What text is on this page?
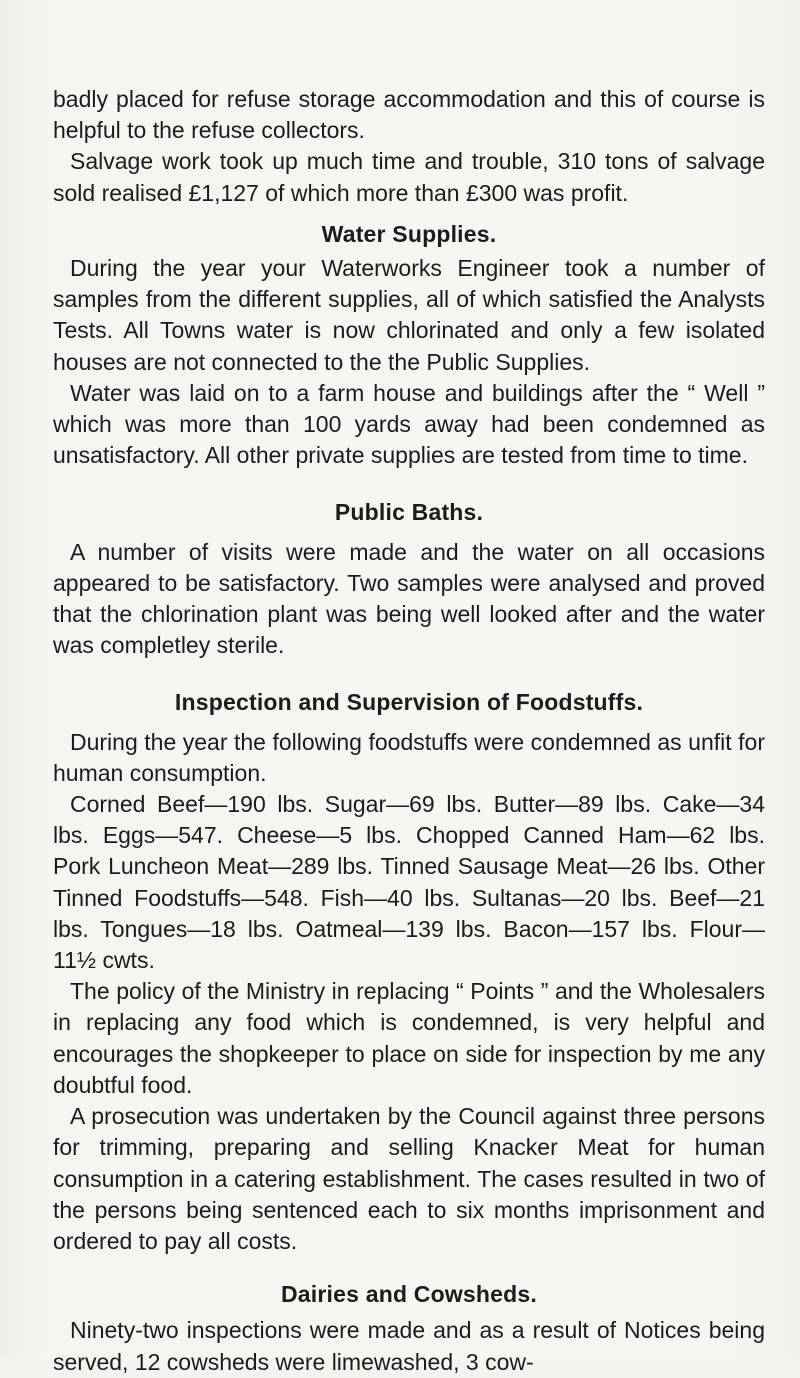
badly placed for refuse storage accommodation and this of course is helpful to the refuse collectors.

Salvage work took up much time and trouble, 310 tons of salvage sold realised £1,127 of which more than £300 was profit.

Water Supplies.

During the year your Waterworks Engineer took a number of samples from the different supplies, all of which satisfied the Analysts Tests. All Towns water is now chlorinated and only a few isolated houses are not connected to the the Public Supplies.

Water was laid on to a farm house and buildings after the “ Well ” which was more than 100 yards away had been condemned as unsatisfactory. All other private supplies are tested from time to time.

Public Baths.

A number of visits were made and the water on all occasions appeared to be satisfactory. Two samples were analysed and proved that the chlorination plant was being well looked after and the water was completley sterile.

Inspection and Supervision of Foodstuffs.

During the year the following foodstuffs were condemned as unfit for human consumption.

Corned Beef—190 lbs. Sugar—69 lbs. Butter—89 lbs. Cake—34 lbs. Eggs—547. Cheese—5 lbs. Chopped Canned Ham—62 lbs. Pork Luncheon Meat—289 lbs. Tinned Sausage Meat—26 lbs. Other Tinned Foodstuffs—548. Fish—40 lbs. Sultanas—20 lbs. Beef—21 lbs. Tongues—18 lbs. Oatmeal—139 lbs. Bacon—157 lbs. Flour—11½ cwts.

The policy of the Ministry in replacing “ Points ” and the Wholesalers in replacing any food which is condemned, is very helpful and encourages the shopkeeper to place on side for inspection by me any doubtful food.

A prosecution was undertaken by the Council against three persons for trimming, preparing and selling Knacker Meat for human consumption in a catering establishment. The cases resulted in two of the persons being sentenced each to six months imprisonment and ordered to pay all costs.

Dairies and Cowsheds.

Ninety-two inspections were made and as a result of Notices being served, 12 cowsheds were limewashed, 3 cow-
